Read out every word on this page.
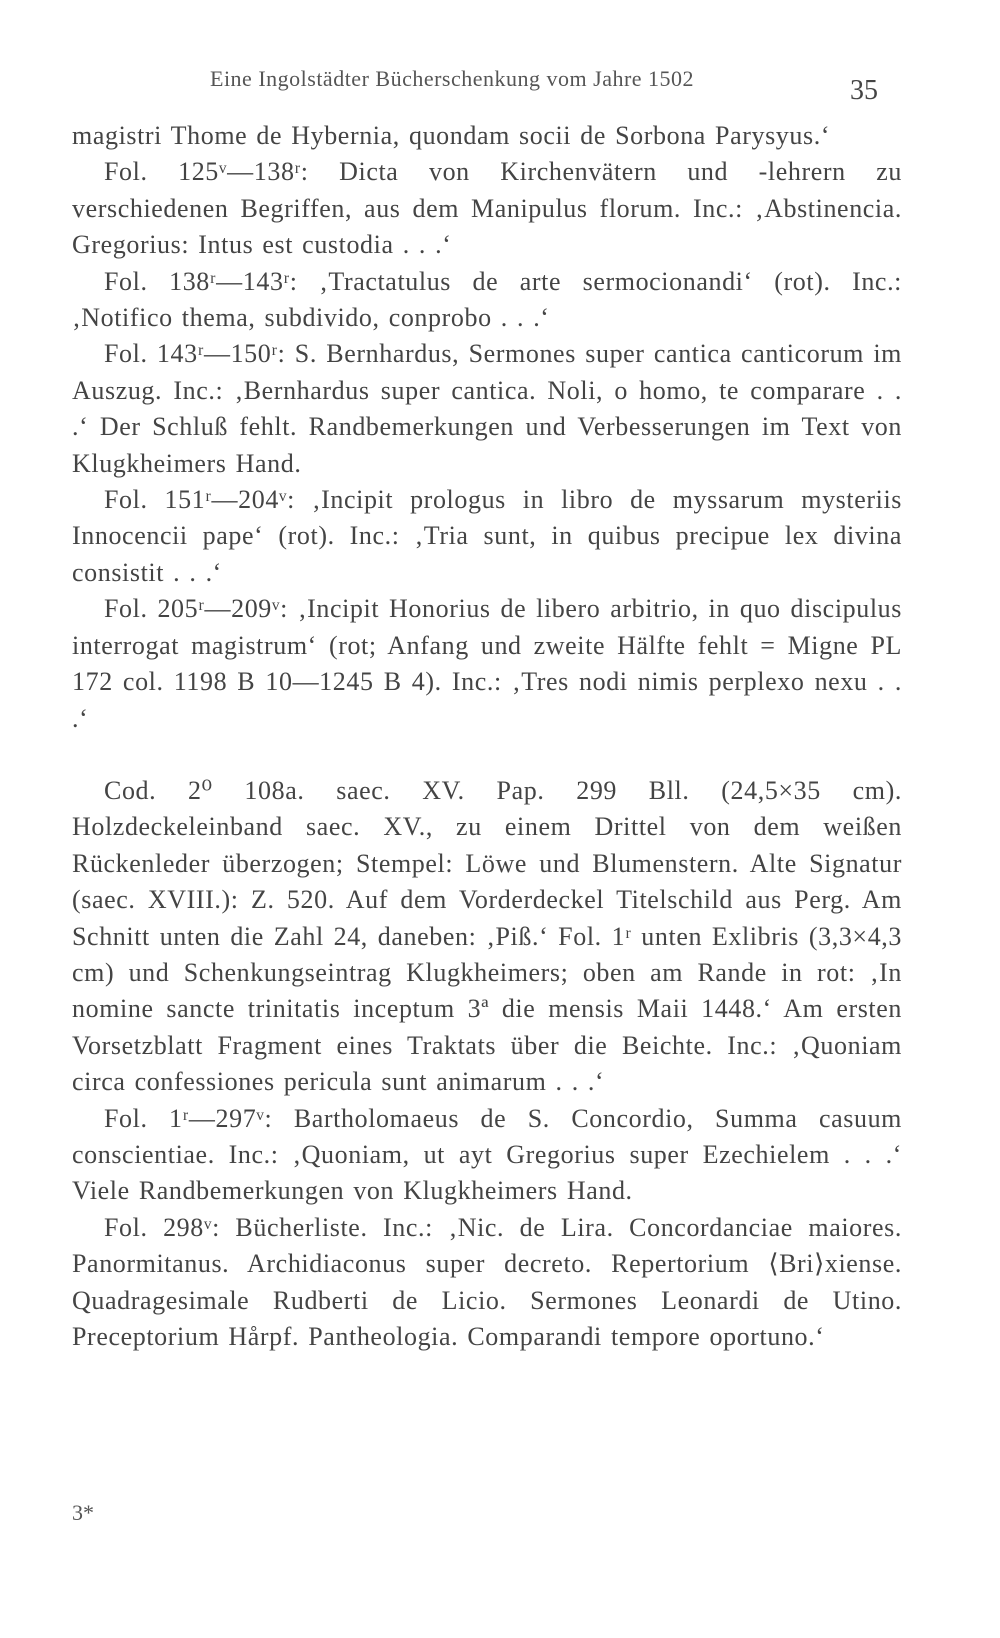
Eine Ingolstädter Bücherschenkung vom Jahre 1502	35

magistri Thome de Hybernia, quondam socii de Sorbona Parysyus.‘

Fol. 125ᵛ—138ʳ: Dicta von Kirchenvätern und -lehrern zu verschiedenen Begriffen, aus dem Manipulus florum. Inc.: ‚Abstinencia. Gregorius: Intus est custodia . . .‘

Fol. 138ʳ—143ʳ: ‚Tractatulus de arte sermocionandi‘ (rot). Inc.: ‚Notifico thema, subdivido, conprobo . . .‘

Fol. 143ʳ—150ʳ: S. Bernhardus, Sermones super cantica canticorum im Auszug. Inc.: ‚Bernhardus super cantica. Noli, o homo, te comparare . . .‘ Der Schluß fehlt. Randbemerkungen und Verbesserungen im Text von Klugkheimers Hand.

Fol. 151ʳ—204ᵛ: ‚Incipit prologus in libro de myssarum mysteriis Innocencii pape‘ (rot). Inc.: ‚Tria sunt, in quibus precipue lex divina consistit . . .‘

Fol. 205ʳ—209ᵛ: ‚Incipit Honorius de libero arbitrio, in quo discipulus interrogat magistrum‘ (rot; Anfang und zweite Hälfte fehlt = Migne PL 172 col. 1198 B 10—1245 B 4). Inc.: ‚Tres nodi nimis perplexo nexu . . .‘

Cod. 2⁰ 108a. saec. XV. Pap. 299 Bll. (24,5×35 cm). Holzdeckeleinband saec. XV., zu einem Drittel von dem weißen Rückenleder überzogen; Stempel: Löwe und Blumenstern. Alte Signatur (saec. XVIII.): Z. 520. Auf dem Vorderdeckel Titelschild aus Perg. Am Schnitt unten die Zahl 24, daneben: ‚Piß.‘ Fol. 1ʳ unten Exlibris (3,3×4,3 cm) und Schenkungseintrag Klugkheimers; oben am Rande in rot: ‚In nomine sancte trinitatis inceptum 3ª die mensis Maii 1448.‘ Am ersten Vorsetzblatt Fragment eines Traktats über die Beichte. Inc.: ‚Quoniam circa confessiones pericula sunt animarum . . .‘

Fol. 1ʳ—297ᵛ: Bartholomaeus de S. Concordio, Summa casuum conscientiae. Inc.: ‚Quoniam, ut ayt Gregorius super Ezechielem . . .‘ Viele Randbemerkungen von Klugkheimers Hand.

Fol. 298ᵛ: Bücherliste. Inc.: ‚Nic. de Lira. Concordanciae maiores. Panormitanus. Archidiaconus super decreto. Repertorium ⟨Bri⟩xiense. Quadragesimale Rudberti de Licio. Sermones Leonardi de Utino. Preceptorium Hårpf. Pantheologia. Comparandi tempore oportuno.‘

3*
